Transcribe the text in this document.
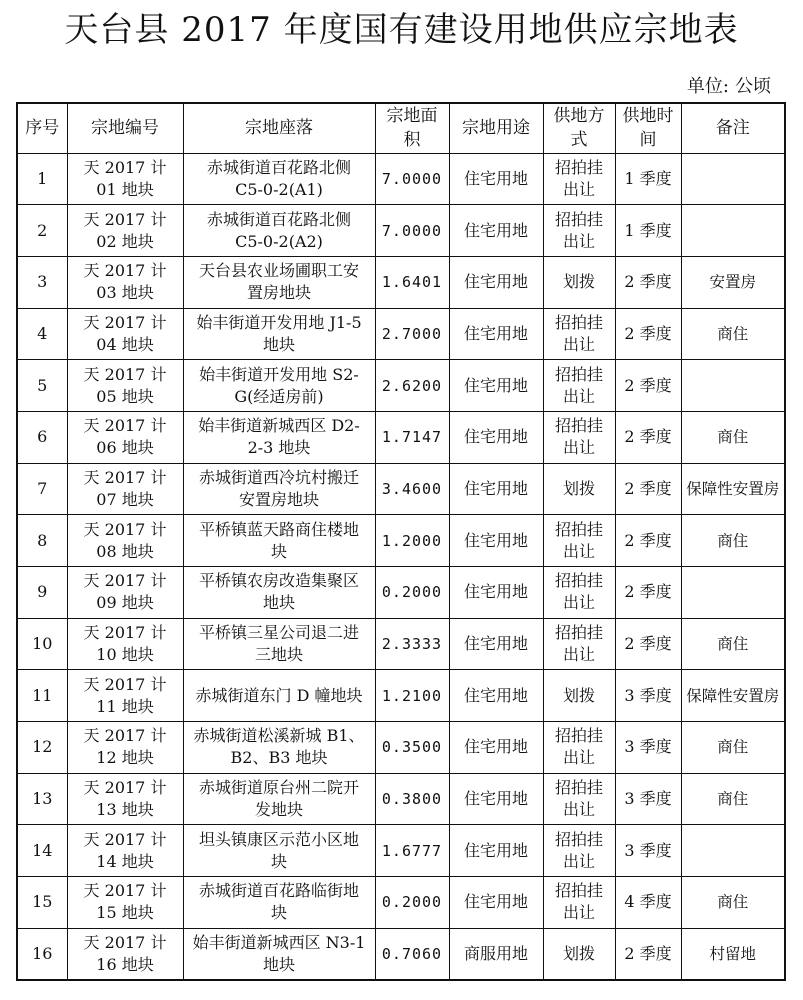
天台县 2017 年度国有建设用地供应宗地表
单位: 公顷
序号	宗地编号	宗地座落	宗地面积	宗地用途	供地方式	供地时间	备注
1	天 2017 计 01 地块	赤城街道百花路北侧 C5-0-2(A1)	7.0000	住宅用地	招拍挂出让	1 季度	
2	天 2017 计 02 地块	赤城街道百花路北侧 C5-0-2(A2)	7.0000	住宅用地	招拍挂出让	1 季度	
3	天 2017 计 03 地块	天台县农业场圃职工安置房地块	1.6401	住宅用地	划拨	2 季度	安置房
4	天 2017 计 04 地块	始丰街道开发用地 J1-5 地块	2.7000	住宅用地	招拍挂出让	2 季度	商住
5	天 2017 计 05 地块	始丰街道开发用地 S2-G(经适房前)	2.6200	住宅用地	招拍挂出让	2 季度	
6	天 2017 计 06 地块	始丰街道新城西区 D2-2-3 地块	1.7147	住宅用地	招拍挂出让	2 季度	商住
7	天 2017 计 07 地块	赤城街道西冷坑村搬迁安置房地块	3.4600	住宅用地	划拨	2 季度	保障性安置房
8	天 2017 计 08 地块	平桥镇蓝天路商住楼地块	1.2000	住宅用地	招拍挂出让	2 季度	商住
9	天 2017 计 09 地块	平桥镇农房改造集聚区地块	0.2000	住宅用地	招拍挂出让	2 季度	
10	天 2017 计 10 地块	平桥镇三星公司退二进三地块	2.3333	住宅用地	招拍挂出让	2 季度	商住
11	天 2017 计 11 地块	赤城街道东门 D 幢地块	1.2100	住宅用地	划拨	3 季度	保障性安置房
12	天 2017 计 12 地块	赤城街道松溪新城 B1、B2、B3 地块	0.3500	住宅用地	招拍挂出让	3 季度	商住
13	天 2017 计 13 地块	赤城街道原台州二院开发地块	0.3800	住宅用地	招拍挂出让	3 季度	商住
14	天 2017 计 14 地块	坦头镇康区示范小区地块	1.6777	住宅用地	招拍挂出让	3 季度	
15	天 2017 计 15 地块	赤城街道百花路临街地块	0.2000	住宅用地	招拍挂出让	4 季度	商住
16	天 2017 计 16 地块	始丰街道新城西区 N3-1 地块	0.7060	商服用地	划拨	2 季度	村留地
